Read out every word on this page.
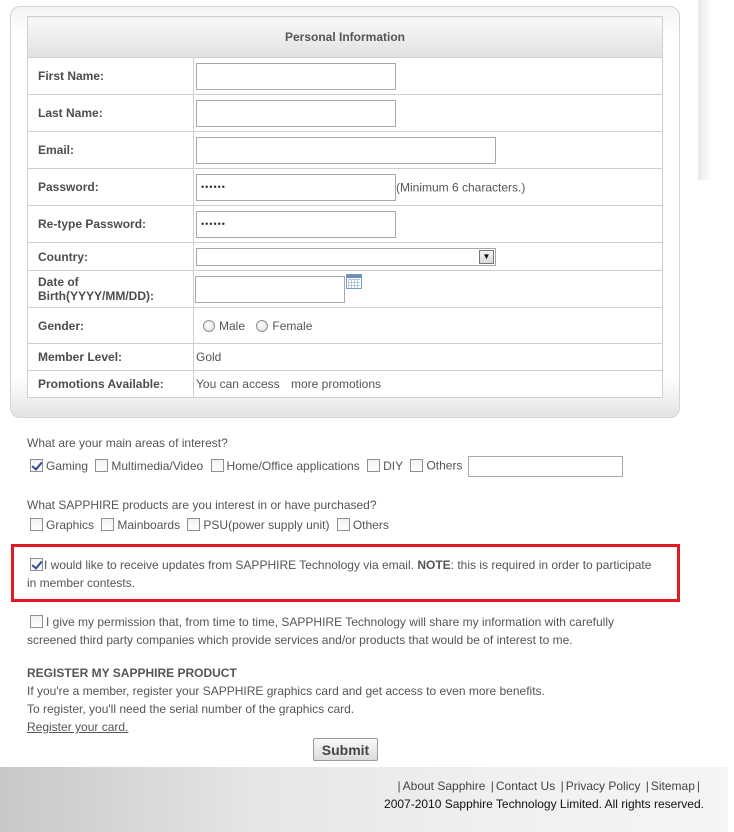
Personal Information	
First Name:	
Last Name:	
Email:	
Password:	•••••• (Minimum 6 characters.)
Re-type Password:	••••••
Country:	▼

Date of Birth(YYYY/MM/DD):	

Gender:	Male Female
Member Level:	Gold
Promotions Available:	You can access more promotions
What are your main areas of interest?
Gaming Multimedia/Video Home/Office applications DIY Others
What SAPPHIRE products are you interest in or have purchased?
Graphics Mainboards PSU(power supply unit) Others
I would like to receive updates from SAPPHIRE Technology via email. NOTE: this is required in order to participate
in member contests.
I give my permission that, from time to time, SAPPHIRE Technology will share my information with carefully
screened third party companies which provide services and/or products that would be of interest to me.
REGISTER MY SAPPHIRE PRODUCT
If you're a member, register your SAPPHIRE graphics card and get access to even more benefits.
To register, you'll need the serial number of the graphics card.
Register your card.
Submit
| About Sapphire | Contact Us | Privacy Policy | Sitemap |
2007-2010 Sapphire Technology Limited. All rights reserved.
